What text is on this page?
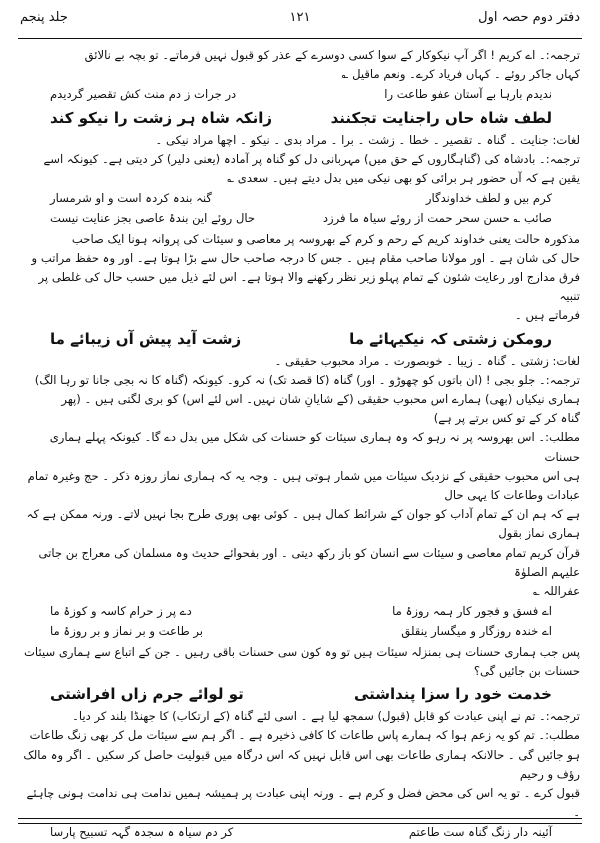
جلد پنجم	۱۲۱	دفتر دوم حصہ اول

ترجمہ:۔ اے کریم ! اگر آپ نیکوکار کے سوا کسی دوسرے کے عذر کو قبول نہیں فرماتے۔ تو بچہ بے نالائق

کہاں جاکر روئے ۔ کہاں فریاد کرے۔ ونعم ماقیل ؎

ندیدم بارہا بے آستان عفو طاعت را
در جرات ز دم منت کش تقصیر گردیدم
لطف شاہ حاں راجنایت تجکنند
زانکہ شاہ ہر زشت را نیکو کند

لغات: جنایت ۔ گناہ ۔ تقصیر ۔ خطا ۔ زشت ۔ برا ۔ مراد بدی ۔ نیکو ۔ اچھا مراد نیکی ۔

ترجمہ:۔ بادشاہ کی (گناہگاروں کے حق میں) مہربانی دل کو گناہ پر آمادہ (یعنی دلیر) کر دیتی ہے۔ کیونکہ اسے

یقین ہے کہ آں حضور ہر برائی کو بھی نیکی میں بدل دیتے ہیں۔ سعدی ؎

کرم بیں و لطف خداوندگار
گنہ بندہ کردہ است و او شرمسار
صائب ؎ حسن سحر حمت از روئے سیاہ ما فرزد
حال روئے این بندۂ عاصی بجز عنایت نیست

مذکورہ حالت یعنی خداوند کریم کے رحم و کرم کے بھروسہ پر معاصی و سیئات کی پروانہ ہونا ایک صاحب

حال کی شان ہے ۔ اور مولانا صاحب مقام ہیں ۔ جس کا درجہ صاحب حال سے بڑا ہوتا ہے۔ اور وہ حفظ مراتب و

فرق مدارج اور رعایت شئون کے تمام پہلو زیر نظر رکھنے والا ہوتا ہے۔ اس لئے ذیل میں حسب حال کی غلطی پر تنبیہ

فرماتے ہیں ۔

رومکن زشتی کہ نیکیہائے ما
زشت آید پیش آں زیبائے ما

لغات: زشتی ۔ گناہ ۔ زیبا ۔ خوبصورت ۔ مراد محبوب حقیقی ۔

ترجمہ:۔ جلو بجی ! (ان باتوں کو چھوڑو ۔ اور) گناہ (کا قصد تک) نہ کرو۔ کیونکہ (گناہ کا نہ بجی جانا تو رہا الگ)

ہماری نیکیاں (بھی) ہمارے اس محبوب حقیقی (کے شایانِ شان نہیں۔ اس لئے اس) کو بری لگتی ہیں ۔ (پھر

گناہ کر کے تو کس برتے پر ہے)

مطلب:۔ اس بھروسہ پر نہ رہو کہ وہ ہماری سیئات کو حسنات کی شکل میں بدل دے گا۔ کیونکہ پہلے ہماری حسنات

ہی اس محبوب حقیقی کے نزدیک سیئات میں شمار ہوتی ہیں ۔ وجہ یہ کہ ہماری نماز روزہ ذکر ۔ حج وغیرہ تمام عبادات وطاعات کا یہی حال

ہے کہ ہم ان کے تمام آداب کو جوان کے شرائط کمال ہیں ۔ کوئی بھی پوری طرح بجا نہیں لاتے۔ ورنہ ممکن ہے کہ ہماری نماز بقول

قرآن کریم تمام معاصی و سیئات سے انسان کو باز رکھ دیتی ۔ اور بفحوائے حدیث وہ مسلمان کی معراج بن جاتی علیہم الصلوٰۃ

عفراللہ ؎

اے فسق و فجور کار ہمہ روزۂ ما
دے پر ز حرام کاسہ و کوزۂ ما
اے خندہ روزگار و میگسار ینقلق
بر طاعت و بر نماز و بر روزۂ ما

پس جب ہماری حسنات ہی بمنزلہ سیئات ہیں تو وہ کون سی حسنات باقی رہیں ۔ جن کے اتباع سے ہماری سیئات

حسنات بن جائیں گی؟

خدمت خود را سزا پنداشتی
تو لوائے جرم زاں افراشتی

ترجمہ:۔ تم نے اپنی عبادت کو قابل (قبول) سمجھ لیا ہے ۔ اسی لئے گناہ (کے ارتکاب) کا جھنڈا بلند کر دیا۔

مطلب:۔ تم کو یہ زعم ہوا کہ ہمارے پاس طاعات کا کافی ذخیرہ ہے ۔ اگر ہم سے سیئات مل کر بھی زنگ طاعات

ہو جائیں گی ۔ حالانکہ ہماری طاعات بھی اس قابل نہیں کہ اس درگاہ میں قبولیت حاصل کر سکیں ۔ اگر وہ مالک رؤف و رحیم

قبول کرے ۔ تو یہ اس کی محض فضل و کرم ہے ۔ ورنہ اپنی عبادت پر ہمیشہ ہمیں ندامت ہی ندامت ہونی چاہئے ۔

آئینہ دار زنگ گناہ ست طاعتم
کر دم سیاہ ہ سجدہ گہہ تسبیح پارسا
